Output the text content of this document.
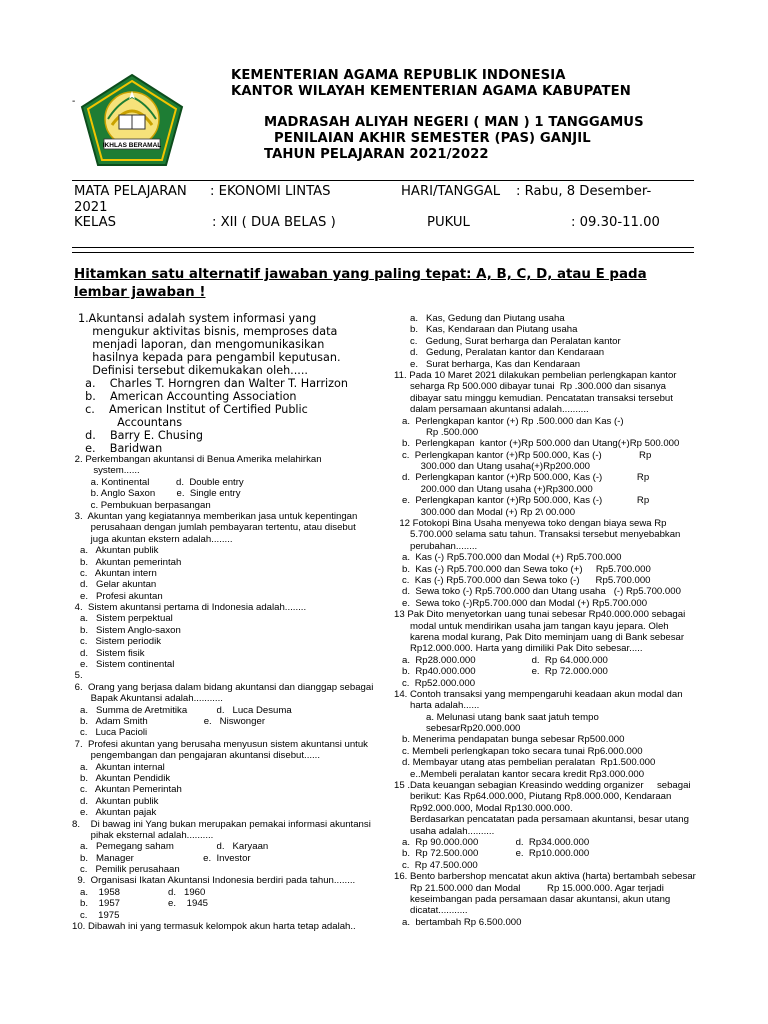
IKHLAS BERAMAL
-
KEMENTERIAN AGAMA REPUBLIK INDONESIA
KANTOR WILAYAH KEMENTERIAN AGAMA KABUPATEN
MADRASAH ALIYAH NEGERI ( MAN ) 1 TANGGAMUS
PENILAIAN AKHIR SEMESTER (PAS) GANJIL
TAHUN PELAJARAN 2021/2022
MATA PELAJARAN : EKONOMI LINTAS	HARI/TANGGAL : Rabu, 8 Desember-
2021
KELAS	: XII ( DUA BELAS )	PUKUL	: 09.30-11.00
Hitamkan satu alternatif jawaban yang paling tepat: A, B, C, D, atau E pada lembar jawaban !
1.Akuntansi adalah system informasi yang
mengukur aktivitas bisnis, memproses data
menjadi laporan, dan mengomunikasikan
hasilnya kepada para pengambil keputusan.
Definisi tersebut dikemukakan oleh.....
a.    Charles T. Horngren dan Walter T. Harrizon
b.    American Accounting Association
c.    American Institut of Certified Public
Accountans
d.    Barry E. Chusing
e.    Baridwan
2. Perkembangan akuntansi di Benua Amerika melahirkan
system......
a. Kontinental          d.  Double entry
b. Anglo Saxon        e.  Single entry
c. Pembukuan berpasangan
3.  Akuntan yang kegiatannya memberikan jasa untuk kepentingan
perusahaan dengan jumlah pembayaran tertentu, atau disebut
juga akuntan ekstern adalah........
a.   Akuntan publik
b.   Akuntan pemerintah
c.   Akuntan intern
d.   Gelar akuntan
e.   Profesi akuntan
4.  Sistem akuntansi pertama di Indonesia adalah........
a.   Sistem perpektual
b.   Sistem Anglo-saxon
c.   Sistem periodik
d.   Sistem fisik
e.   Sistem continental
5.
6.  Orang yang berjasa dalam bidang akuntansi dan dianggap sebagai
Bapak Akuntansi adalah...........
a.   Summa de Aretmitika           d.   Luca Desuma
b.   Adam Smith                     e.   Niswonger
c.   Luca Pacioli
7.  Profesi akuntan yang berusaha menyusun sistem akuntansi untuk
pengembangan dan pengajaran akuntansi disebut......
a.   Akuntan internal
b.   Akuntan Pendidik
c.   Akuntan Pemerintah
d.   Akuntan publik
e.   Akuntan pajak
8.    Di bawag ini Yang bukan merupakan pemakai informasi akuntansi
pihak eksternal adalah..........
a.   Pemegang saham                d.   Karyaan
b.   Manager                          e.  Investor
c.   Pemilik perusahaan
9.  Organisasi Ikatan Akuntansi Indonesia berdiri pada tahun........
a.    1958                  d.   1960
b.    1957                  e.    1945
c.    1975
10. Dibawah ini yang termasuk kelompok akun harta tetap adalah..
a.   Kas, Gedung dan Piutang usaha
b.   Kas, Kendaraan dan Piutang usaha
c.   Gedung, Surat berharga dan Peralatan kantor
d.   Gedung, Peralatan kantor dan Kendaraan
e.   Surat berharga, Kas dan Kendaraan
11. Pada 10 Maret 2021 dilakukan pembelian perlengkapan kantor
seharga Rp 500.000 dibayar tunai  Rp .300.000 dan sisanya
dibayar satu minggu kemudian. Pencatatan transaksi tersebut
dalam persamaan akuntansi adalah..........
a.  Perlengkapan kantor (+) Rp .500.000 dan Kas (-)
Rp .500.000
b.  Perlengkapan  kantor (+)Rp 500.000 dan Utang(+)Rp 500.000
c.  Perlengkapan kantor (+)Rp 500.000, Kas (-)              Rp
300.000 dan Utang usaha(+)Rp200.000
d.  Perlengkapan kantor (+)Rp 500.000, Kas (-)             Rp
200.000 dan Utang usaha (+)Rp300.000
e.  Perlengkapan kantor (+)Rp 500.000, Kas (-)             Rp
300.000 dan Modal (+) Rp 2\ 00.000
12 Fotokopi Bina Usaha menyewa toko dengan biaya sewa Rp
5.700.000 selama satu tahun. Transaksi tersebut menyebabkan
perubahan........
a.  Kas (-) Rp5.700.000 dan Modal (+) Rp5.700.000
b.  Kas (-) Rp5.700.000 dan Sewa toko (+)     Rp5.700.000
c.  Kas (-) Rp5.700.000 dan Sewa toko (-)      Rp5.700.000
d.  Sewa toko (-) Rp5.700.000 dan Utang usaha   (-) Rp5.700.000
e.  Sewa toko (-)Rp5.700.000 dan Modal (+) Rp5.700.000
13 Pak Dito menyetorkan uang tunai sebesar Rp40.000.000 sebagai
modal untuk mendirikan usaha jam tangan kayu jepara. Oleh
karena modal kurang, Pak Dito meminjam uang di Bank sebesar
Rp12.000.000. Harta yang dimiliki Pak Dito sebesar.....
a.  Rp28.000.000                     d.  Rp 64.000.000
b.  Rp40.000.000                     e.  Rp 72.000.000
c.  Rp52.000.000
14. Contoh transaksi yang mempengaruhi keadaan akun modal dan
harta adalah......
a. Melunasi utang bank saat jatuh tempo
sebesarRp20.000.000
b. Menerima pendapatan bunga sebesar Rp500.000
c. Membeli perlengkapan toko secara tunai Rp6.000.000
d. Membayar utang atas pembelian peralatan  Rp1.500.000
e..Membeli peralatan kantor secara kredit Rp3.000.000
15 .Data keuangan sebagian Kreasindo wedding organizer     sebagai
berikut: Kas Rp64.000.000, Piutang Rp8.000.000, Kendaraan
Rp92.000.000, Modal Rp130.000.000.
Berdasarkan pencatatan pada persamaan akuntansi, besar utang
usaha adalah..........
a.  Rp 90.000.000              d.  Rp34.000.000
b.  Rp 72.500.000              e.  Rp10.000.000
c.  Rp 47.500.000
16. Bento barbershop mencatat akun aktiva (harta) bertambah sebesar
Rp 21.500.000 dan Modal          Rp 15.000.000. Agar terjadi
keseimbangan pada persamaan dasar akuntansi, akun utang
dicatat...........
a.  bertambah Rp 6.500.000
